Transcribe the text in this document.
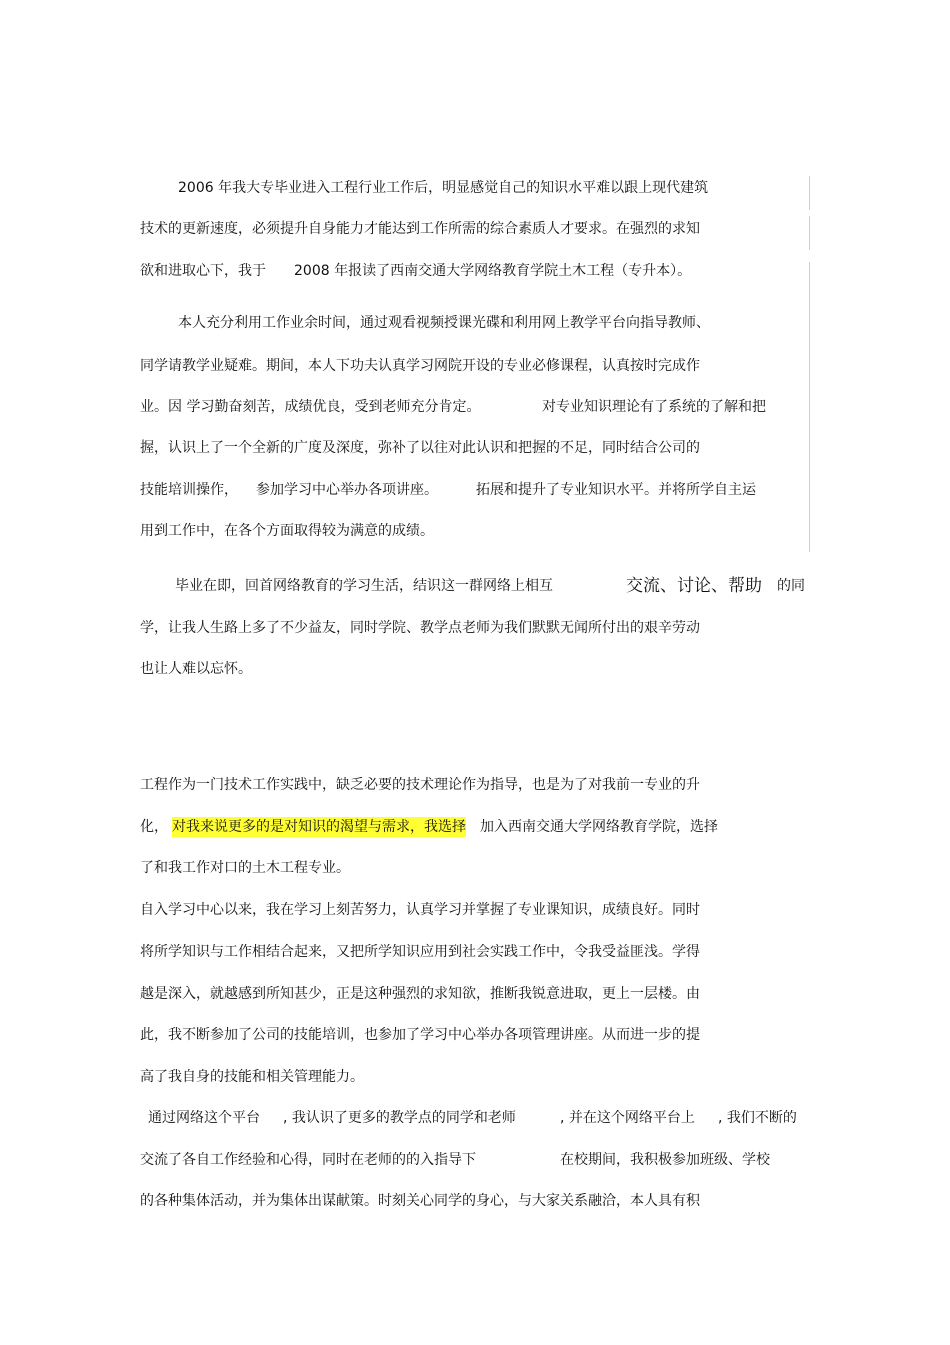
2006 年我大专毕业进入工程行业工作后，明显感觉自己的知识水平难以跟上现代建筑
技术的更新速度，必须提升自身能力才能达到工作所需的综合素质人才要求。在强烈的求知
欲和进取心下，我于 2008 年报读了西南交通大学网络教育学院土木工程（专升本）。
本人充分利用工作业余时间，通过观看视频授课光碟和利用网上教学平台向指导教师、
同学请教学业疑难。期间，本人下功夫认真学习网院开设的专业必修课程，认真按时完成作
业。因 学习勤奋刻苦，成绩优良，受到老师充分肯定。	对专业知识理论有了系统的了解和把
握，认识上了一个全新的广度及深度，弥补了以往对此认识和把握的不足，同时结合公司的
技能培训操作， 参加学习中心举办各项讲座。	拓展和提升了专业知识水平。并将所学自主运
用到工作中，在各个方面取得较为满意的成绩。
毕业在即，回首网络教育的学习生活，结识这一群网络上相互	交流、讨论、帮助 的同
学，让我人生路上多了不少益友，同时学院、教学点老师为我们默默无闻所付出的艰辛劳动
也让人难以忘怀。
工程作为一门技术工作实践中，缺乏必要的技术理论作为指导，也是为了对我前一专业的升
化， 对我来说更多的是对知识的渴望与需求，我选择 加入西南交通大学网络教育学院，选择
了和我工作对口的土木工程专业。
自入学习中心以来，我在学习上刻苦努力，认真学习并掌握了专业课知识，成绩良好。同时
将所学知识与工作相结合起来，又把所学知识应用到社会实践工作中，令我受益匪浅。学得
越是深入，就越感到所知甚少，正是这种强烈的求知欲，推断我锐意进取，更上一层楼。由
此，我不断参加了公司的技能培训，也参加了学习中心举办各项管理讲座。从而进一步的提
高了我自身的技能和相关管理能力。
通过网络这个平台 , 我认识了更多的教学点的同学和老师	, 并在这个网络平台上 , 我们不断的
交流了各自工作经验和心得，同时在老师的的入指导下	在校期间，我积极参加班级、学校
的各种集体活动，并为集体出谋献策。时刻关心同学的身心，与大家关系融洽，本人具有积
